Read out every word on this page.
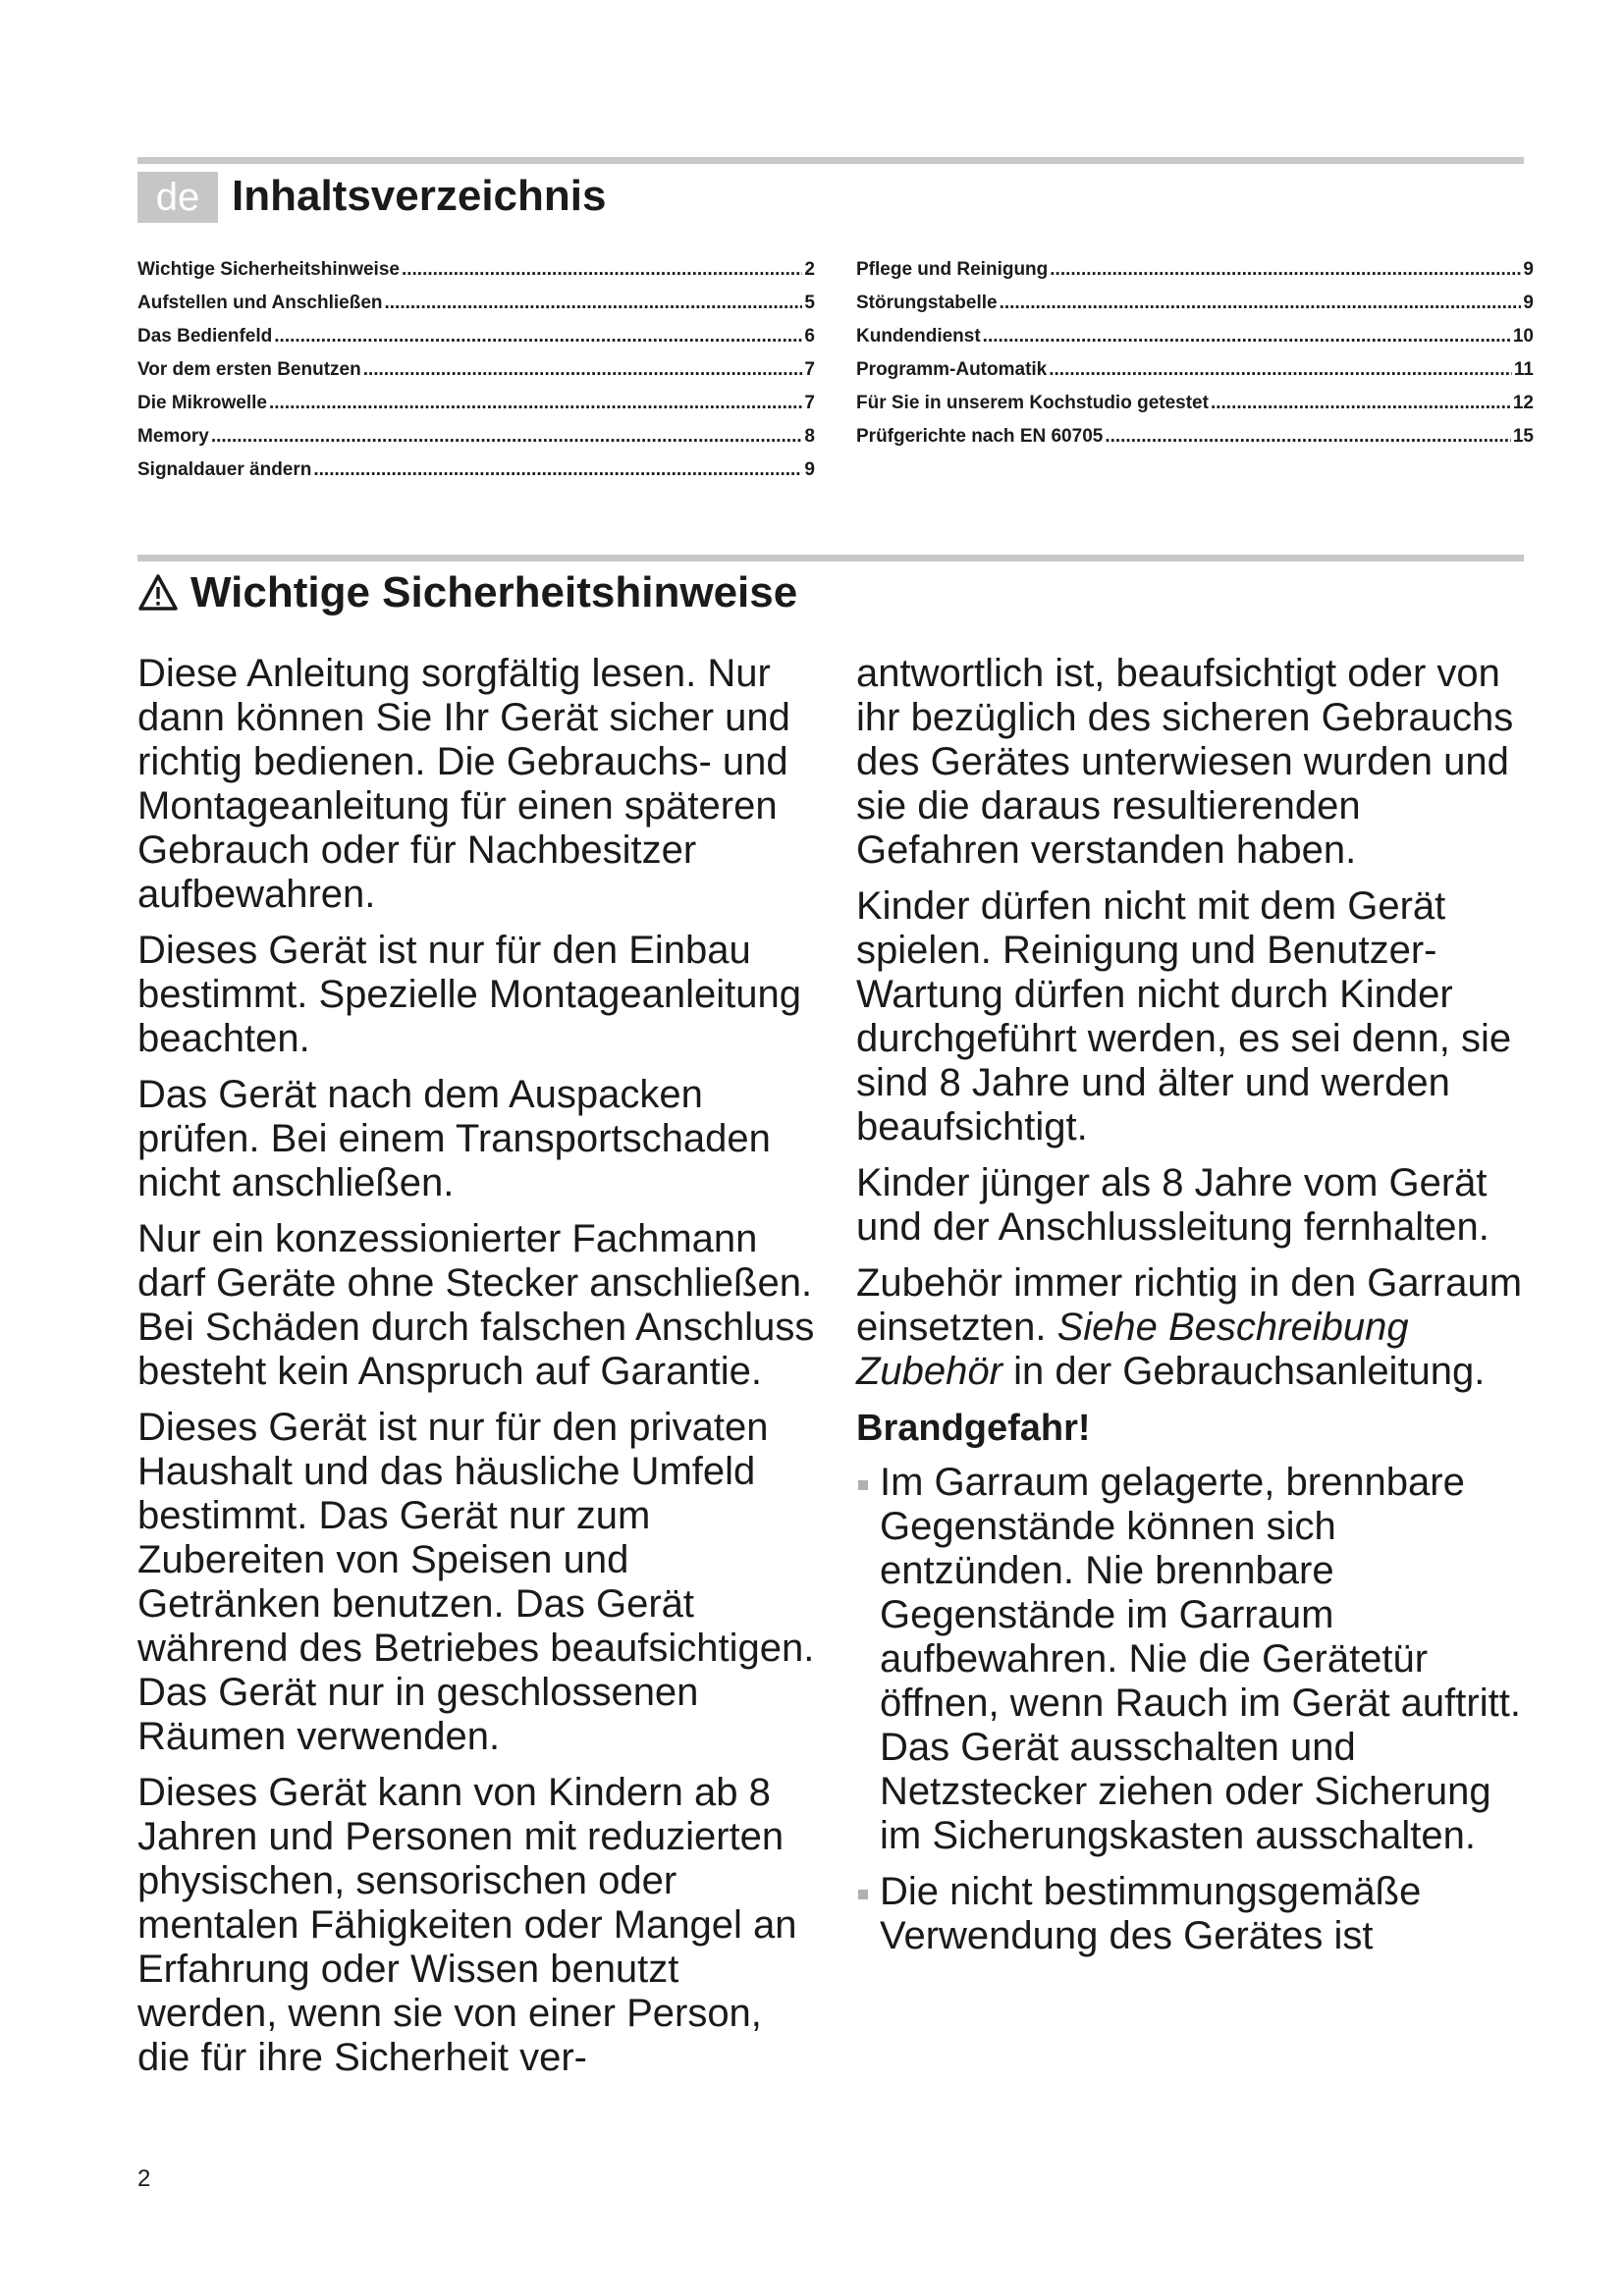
de Inhaltsverzeichnis
Wichtige Sicherheitshinweise .....	2
Aufstellen und Anschließen .....	5
Das Bedienfeld .....	6
Vor dem ersten Benutzen .....	7
Die Mikrowelle .....	7
Memory .....	8
Signaldauer ändern .....	9
Pflege und Reinigung .....	9
Störungstabelle .....	9
Kundendienst .....	10
Programm-Automatik .....	11
Für Sie in unserem Kochstudio getestet .....	12
Prüfgerichte nach EN 60705 .....	15
Wichtige Sicherheitshinweise

Diese Anleitung sorgfältig lesen. Nur dann können Sie Ihr Gerät sicher und richtig bedienen. Die Gebrauchs- und Montageanleitung für einen späteren Gebrauch oder für Nachbesitzer aufbewahren.

Dieses Gerät ist nur für den Einbau bestimmt. Spezielle Montageanleitung beachten.

Das Gerät nach dem Auspacken prüfen. Bei einem Transportschaden nicht anschließen.

Nur ein konzessionierter Fachmann darf Geräte ohne Stecker anschließen. Bei Schäden durch falschen Anschluss besteht kein Anspruch auf Garantie.

Dieses Gerät ist nur für den privaten Haushalt und das häusliche Umfeld bestimmt. Das Gerät nur zum Zubereiten von Speisen und Getränken benutzen. Das Gerät während des Betriebes beaufsichtigen. Das Gerät nur in geschlossenen Räumen verwenden.

Dieses Gerät kann von Kindern ab 8 Jahren und Personen mit reduzierten physischen, sensorischen oder mentalen Fähigkeiten oder Mangel an Erfahrung oder Wissen benutzt werden, wenn sie von einer Person, die für ihre Sicherheit ver-

antwortlich ist, beaufsichtigt oder von ihr bezüglich des sicheren Gebrauchs des Gerätes unterwiesen wurden und sie die daraus resultierenden Gefahren verstanden haben.

Kinder dürfen nicht mit dem Gerät spielen. Reinigung und Benutzer-Wartung dürfen nicht durch Kinder durchgeführt werden, es sei denn, sie sind 8 Jahre und älter und werden beaufsichtigt.

Kinder jünger als 8 Jahre vom Gerät und der Anschlussleitung fernhalten.

Zubehör immer richtig in den Garraum einsetzten. Siehe Beschreibung Zubehör in der Gebrauchsanleitung.

Brandgefahr!
Im Garraum gelagerte, brennbare Gegenstände können sich entzünden. Nie brennbare Gegenstände im Garraum aufbewahren. Nie die Gerätetür öffnen, wenn Rauch im Gerät auftritt. Das Gerät ausschalten und Netzstecker ziehen oder Sicherung im Sicherungskasten ausschalten.
Die nicht bestimmungsgemäße Verwendung des Gerätes ist
2
